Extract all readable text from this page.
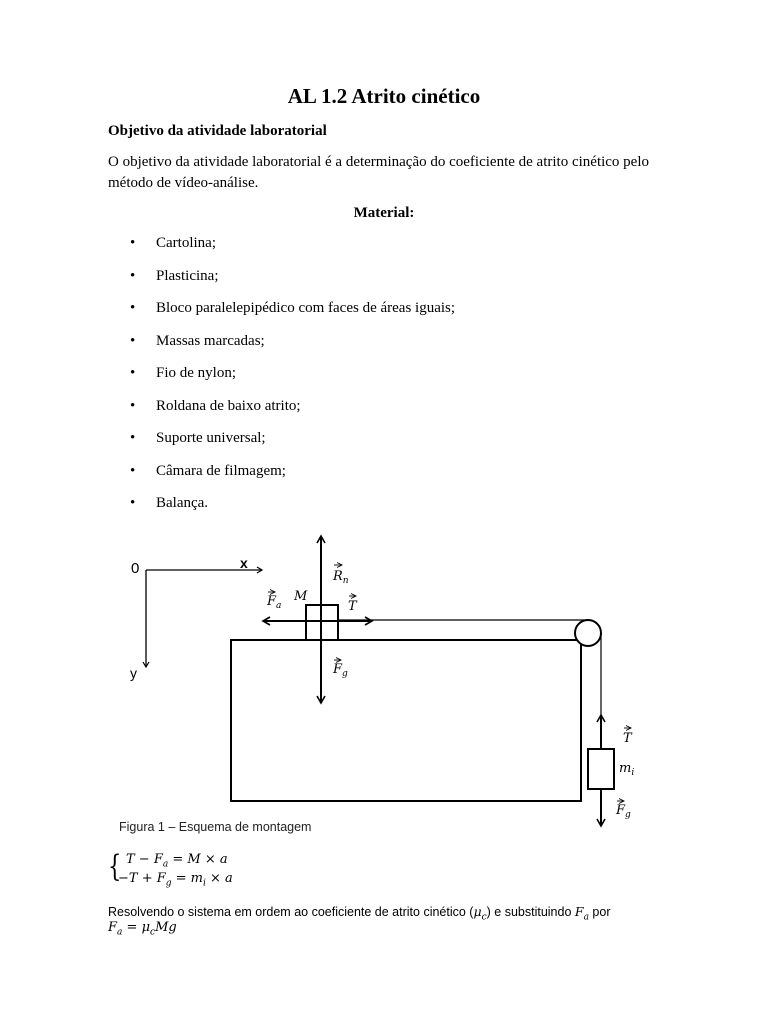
AL 1.2 Atrito cinético
Objetivo da atividade laboratorial
O objetivo da atividade laboratorial é a determinação do coeficiente de atrito cinético pelo método de vídeo-análise.
Material:
• Cartolina;
• Plasticina;
• Bloco paralelepipédico com faces de áreas iguais;
• Massas marcadas;
• Fio de nylon;
• Roldana de baixo atrito;
• Suporte universal;
• Câmara de filmagem;
• Balança.
0	x
y
$R_n$
$F_a$
M
T
$F_g$
T
$m_i$
$F_g$
Figura 1 – Esquema de montagem
{ $T - F_a = M \times a$
$-T + F_g = m_i \times a$
Resolvendo o sistema em ordem ao coeficiente de atrito cinético $(\mu_c)$ e substituindo $F_a$ por
$F_a = \mu_cMg$
